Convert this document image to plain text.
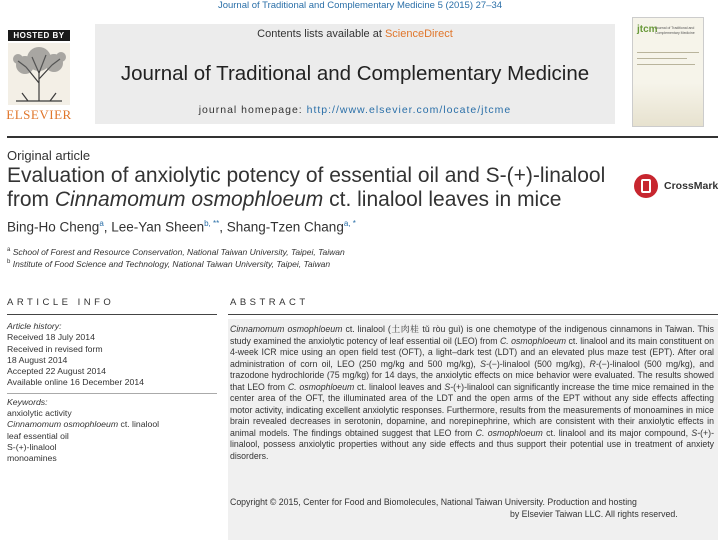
Journal of Traditional and Complementary Medicine 5 (2015) 27–34
HOSTED BY
ELSEVIER
Contents lists available at ScienceDirect
Journal of Traditional and Complementary Medicine
journal homepage: http://www.elsevier.com/locate/jtcme
jtcm
Journal of Traditional and Complementary Medicine
Original article
Evaluation of anxiolytic potency of essential oil and S-(+)-linalool
from Cinnamomum osmophloeum ct. linalool leaves in mice
CrossMark
Bing-Ho Cheng$^a$, Lee-Yan Sheen$^{b, **}$, Shang-Tzen Chang$^{a, *}$
$^a$ School of Forest and Resource Conservation, National Taiwan University, Taipei, Taiwan
$^b$ Institute of Food Science and Technology, National Taiwan University, Taipei, Taiwan
ARTICLE INFO	ABSTRACT
Article history:
Received 18 July 2014
Received in revised form
18 August 2014
Accepted 22 August 2014
Available online 16 December 2014
Keywords:
anxiolytic activity
Cinnamomum osmophloeum ct. linalool
leaf essential oil
S-(+)-linalool
monoamines
Cinnamomum osmophloeum ct. linalool (土肉桂 tǔ ròu guì) is one chemotype of the indigenous cinnamons in Taiwan. This study examined the anxiolytic potency of leaf essential oil (LEO) from C. osmophloeum ct. linalool and its main constituent on 4-week ICR mice using an open field test (OFT), a light–dark test (LDT) and an elevated plus maze test (EPT). After oral administration of corn oil, LEO (250 mg/kg and 500 mg/kg), S-(−)-linalool (500 mg/kg), R-(−)-linalool (500 mg/kg), and trazodone hydrochloride (75 mg/kg) for 14 days, the anxiolytic effects on mice behavior were evaluated. The results showed that LEO from C. osmophloeum ct. linalool leaves and S-(+)-linalool can significantly increase the time mice remained in the center area of the OFT, the illuminated area of the LDT and the open arms of the EPT without any side effects affecting motor activity, indicating excellent anxiolytic responses. Furthermore, results from the measurements of monoamines in mice brain revealed decreases in serotonin, dopamine, and norepinephrine, which are consistent with their anxiolytic effects in animal models. The findings obtained suggest that LEO from C. osmophloeum ct. linalool and its major compound, S-(+)-linalool, possess anxiolytic properties without any side effects and thus support their potential use in treatment of anxiety disorders.
Copyright © 2015, Center for Food and Biomolecules, National Taiwan University. Production and hosting
by Elsevier Taiwan LLC. All rights reserved.
